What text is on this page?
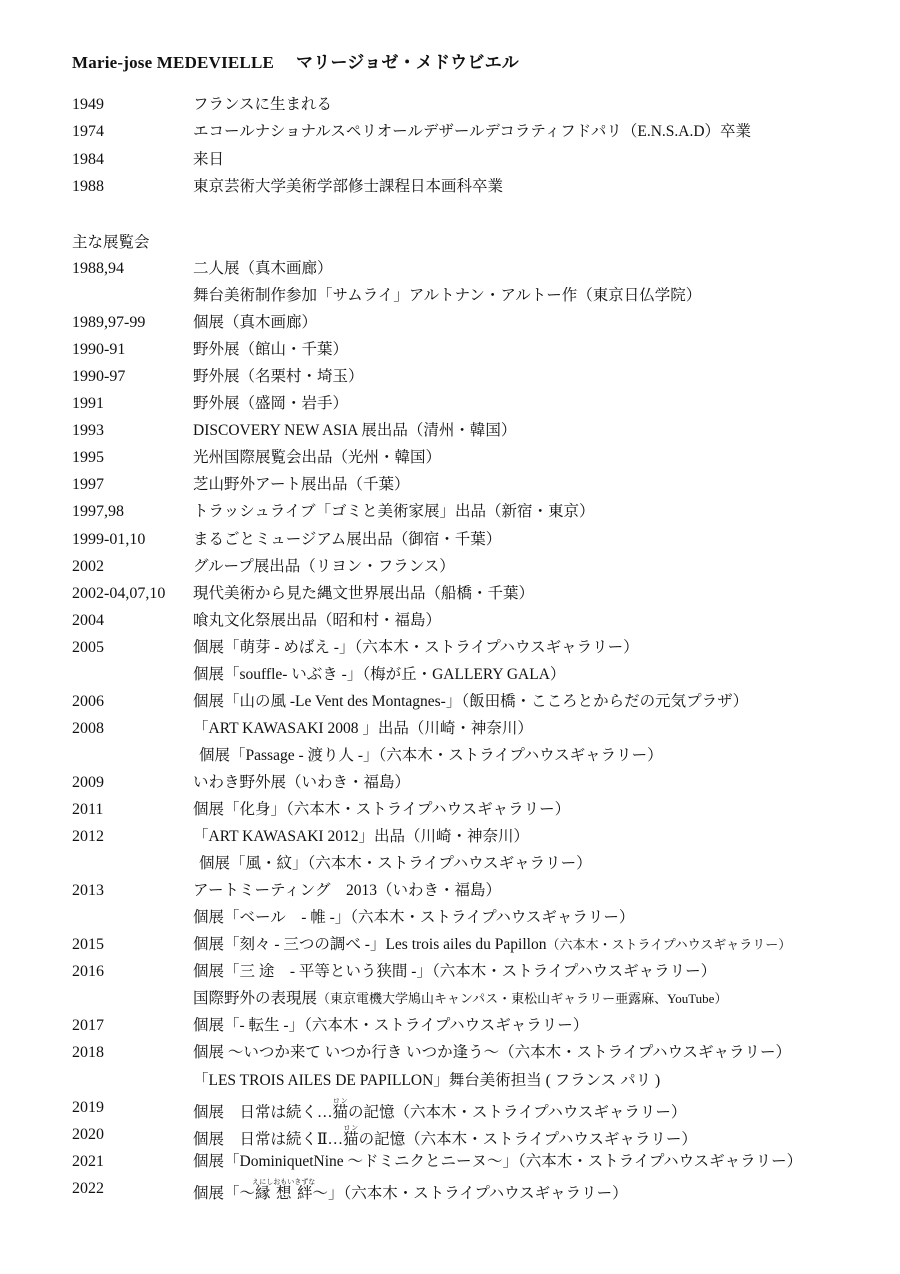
Marie-jose MEDEVIELLE マリージョゼ・メドウビエル
1949	フランスに生まれる
1974	エコールナショナルスペリオールデザールデコラティフドパリ（E.N.S.A.D）卒業
1984	来日
1988	東京芸術大学美術学部修士課程日本画科卒業
主な展覧会
1988,94	二人展（真木画廊）
舞台美術制作参加「サムライ」アルトナン・アルトー作（東京日仏学院）
1989,97-99	個展（真木画廊）
1990-91	野外展（館山・千葉）
1990-97	野外展（名栗村・埼玉）
1991	野外展（盛岡・岩手）
1993	DISCOVERY NEW ASIA 展出品（清州・韓国）
1995	光州国際展覧会出品（光州・韓国）
1997	芝山野外アート展出品（千葉）
1997,98	トラッシュライブ「ゴミと美術家展」出品（新宿・東京）
1999-01,10	まるごとミュージアム展出品（御宿・千葉）
2002	グループ展出品（リヨン・フランス）
2002-04,07,10 現代美術から見た縄文世界展出品（船橋・千葉）
2004	喰丸文化祭展出品（昭和村・福島）
2005	個展「萌芽 - めばえ -」（六本木・ストライプハウスギャラリー）
個展「souffle- いぶき -」（梅が丘・GALLERY GALA）
2006	個展「山の風 -Le Vent des Montagnes-」（飯田橋・こころとからだの元気プラザ）
2008	「ART KAWASAKI 2008 」出品（川崎・神奈川）
個展「Passage - 渡り人 -」（六本木・ストライプハウスギャラリー）
2009	いわき野外展（いわき・福島）
2011	個展「化身」（六本木・ストライプハウスギャラリー）
2012	「ART KAWASAKI 2012」出品（川崎・神奈川）
個展「風・紋」（六本木・ストライプハウスギャラリー）
2013	アートミーティング　2013（いわき・福島）
個展「ベール　- 帷 -」（六本木・ストライプハウスギャラリー）
2015	個展「刻々 - 三つの調べ -」Les trois ailes du Papillon（六本木・ストライプハウスギャラリー）
2016	個展「三 途　- 平等という狭間 -」（六本木・ストライプハウスギャラリー）
国際野外の表現展（東京電機大学鳩山キャンパス・東松山ギャラリー亜露麻、YouTube）
2017	個展「- 転生 -」（六本木・ストライプハウスギャラリー）
2018	個展 ～いつか来て いつか行き いつか逢う～（六本木・ストライプハウスギャラリー）
「LES TROIS AILES DE PAPILLON」舞台美術担当 ( フランス パリ )
2019	個展　日常は続く…猫ロンの記憶（六本木・ストライプハウスギャラリー）
2020	個展　日常は続くⅡ…猫ロンの記憶（六本木・ストライプハウスギャラリー）
2021	個展「DominiquetNine ～ドミニクとニーヌ～」（六本木・ストライプハウスギャラリー）
2022	個展「～縁えにし 想おもい 絆きずな～」（六本木・ストライプハウスギャラリー）
